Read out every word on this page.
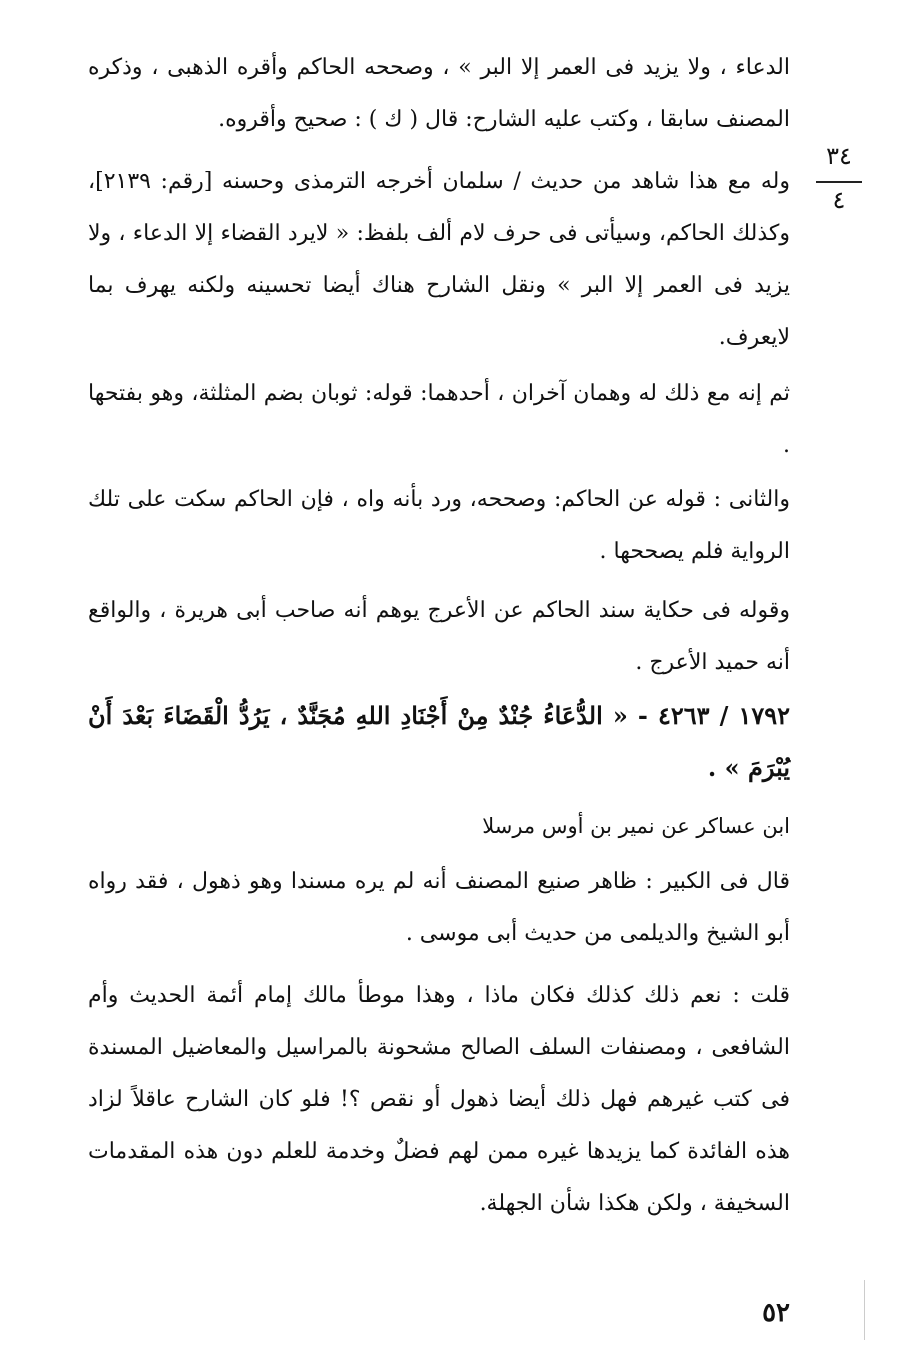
٣٤
٤
الدعاء ، ولا يزيد فى العمر إلا البر » ، وصححه الحاكم وأقره الذهبى ، وذكره المصنف سابقا ، وكتب عليه الشارح: قال ( ك ) : صحيح وأقروه.
وله مع هذا شاهد من حديث / سلمان أخرجه الترمذى وحسنه [رقم: ٢١٣٩]، وكذلك الحاكم، وسيأتى فى حرف لام ألف بلفظ: « لايرد القضاء إلا الدعاء ، ولا يزيد فى العمر إلا البر » ونقل الشارح هناك أيضا تحسينه ولكنه يهرف بما لايعرف.
ثم إنه مع ذلك له وهمان آخران ، أحدهما: قوله: ثوبان بضم المثلثة، وهو بفتحها .
والثانى : قوله عن الحاكم: وصححه، ورد بأنه واه ، فإن الحاكم سكت على تلك الرواية فلم يصححها .
وقوله فى حكاية سند الحاكم عن الأعرج يوهم أنه صاحب أبى هريرة ، والواقع أنه حميد الأعرج .
١٧٩٢ / ٤٢٦٣ - « الدُّعَاءُ جُنْدٌ مِنْ أَجْنَادِ اللهِ مُجَنَّدٌ ، يَرُدُّ الْقَضَاءَ بَعْدَ أَنْ يُبْرَمَ » .
ابن عساكر عن نمير بن أوس مرسلا
قال فى الكبير : ظاهر صنيع المصنف أنه لم يره مسندا وهو ذهول ، فقد رواه أبو الشيخ والديلمى من حديث أبى موسى .
قلت : نعم ذلك كذلك فكان ماذا ، وهذا موطأ مالك إمام أئمة الحديث وأم الشافعى ، ومصنفات السلف الصالح مشحونة بالمراسيل والمعاضيل المسندة فى كتب غيرهم فهل ذلك أيضا ذهول أو نقص ؟! فلو كان الشارح عاقلاً لزاد هذه الفائدة كما يزيدها غيره ممن لهم فضلٌ وخدمة للعلم دون هذه المقدمات السخيفة ، ولكن هكذا شأن الجهلة.
٥٢
